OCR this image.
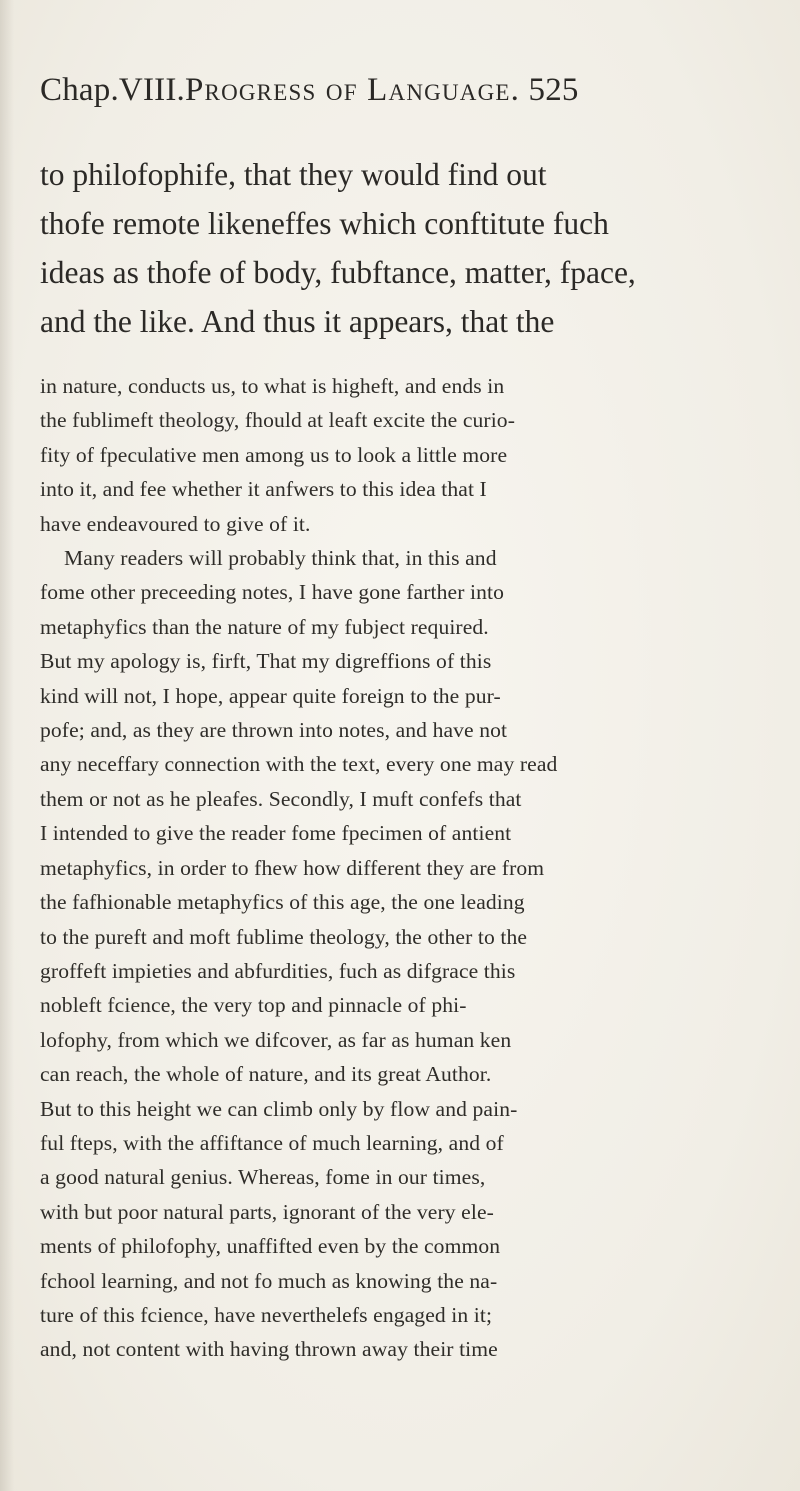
Chap.VIII.Progress of Language. 525
to philofophife, that they would find out
thofe remote likeneffes which conftitute fuch
ideas as thofe of body, fubftance, matter, fpace,
and the like. And thus it appears, that the
in nature, conducts us, to what is higheft, and ends in
the fublimeft theology, fhould at leaft excite the curio-
fity of fpeculative men among us to look a little more
into it, and fee whether it anfwers to this idea that I
have endeavoured to give of it.
Many readers will probably think that, in this and
fome other preceeding notes, I have gone farther into
metaphyfics than the nature of my fubject required.
But my apology is, firft, That my digreffions of this
kind will not, I hope, appear quite foreign to the pur-
pofe; and, as they are thrown into notes, and have not
any neceffary connection with the text, every one may read
them or not as he pleafes. Secondly, I muft confefs that
I intended to give the reader fome fpecimen of antient
metaphyfics, in order to fhew how different they are from
the fafhionable metaphyfics of this age, the one leading
to the pureft and moft fublime theology, the other to the
groffeft impieties and abfurdities, fuch as difgrace this
nobleft fcience, the very top and pinnacle of phi-
lofophy, from which we difcover, as far as human ken
can reach, the whole of nature, and its great Author.
But to this height we can climb only by flow and pain-
ful fteps, with the affiftance of much learning, and of
a good natural genius. Whereas, fome in our times,
with but poor natural parts, ignorant of the very ele-
ments of philofophy, unaffifted even by the common
fchool learning, and not fo much as knowing the na-
ture of this fcience, have neverthelefs engaged in it;
and, not content with having thrown away their time
